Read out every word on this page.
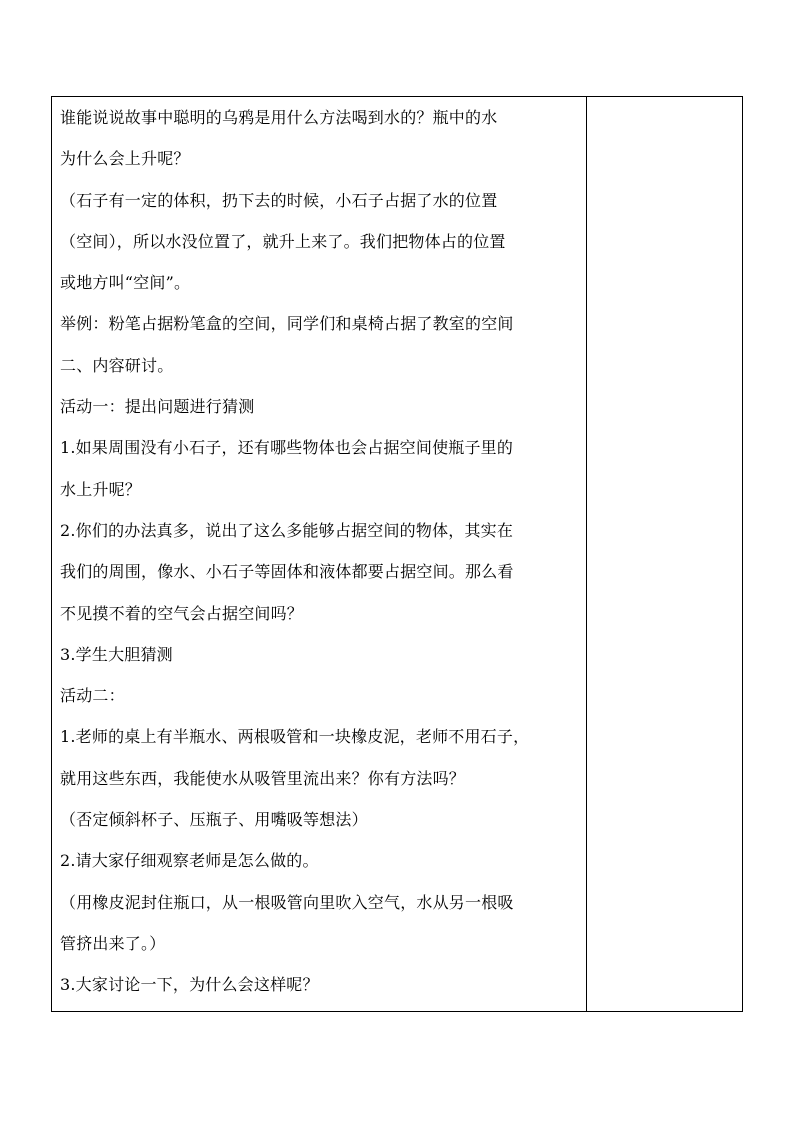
谁能说说故事中聪明的乌鸦是用什么方法喝到水的？瓶中的水
为什么会上升呢？
（石子有一定的体积，扔下去的时候，小石子占据了水的位置
（空间），所以水没位置了，就升上来了。我们把物体占的位置
或地方叫“空间”。
举例：粉笔占据粉笔盒的空间，同学们和桌椅占据了教室的空间
二、内容研讨。
活动一：提出问题进行猜测
1.如果周围没有小石子，还有哪些物体也会占据空间使瓶子里的
水上升呢？
2.你们的办法真多，说出了这么多能够占据空间的物体，其实在
我们的周围，像水、小石子等固体和液体都要占据空间。那么看
不见摸不着的空气会占据空间吗？
3.学生大胆猜测
活动二：
1.老师的桌上有半瓶水、两根吸管和一块橡皮泥，老师不用石子，
就用这些东西，我能使水从吸管里流出来？你有方法吗？
（否定倾斜杯子、压瓶子、用嘴吸等想法）
2.请大家仔细观察老师是怎么做的。
（用橡皮泥封住瓶口，从一根吸管向里吹入空气，水从另一根吸
管挤出来了。）
3.大家讨论一下，为什么会这样呢？
